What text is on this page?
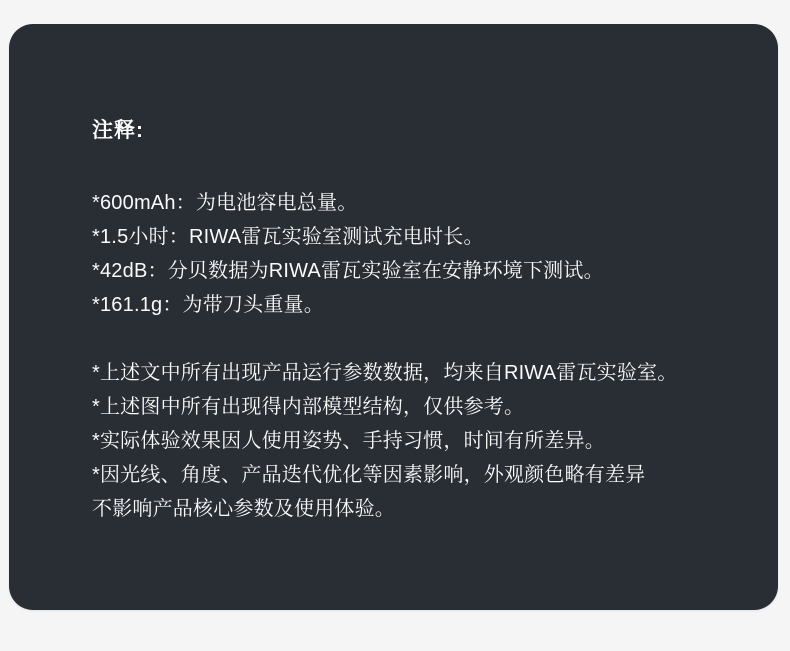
注释:

*600mAh：为电池容电总量。

*1.5小时：RIWA雷瓦实验室测试充电时长。

*42dB：分贝数据为RIWA雷瓦实验室在安静环境下测试。

*161.1g：为带刀头重量。

*上述文中所有出现产品运行参数数据，均来自RIWA雷瓦实验室。

*上述图中所有出现得内部模型结构，仅供参考。

*实际体验效果因人使用姿势、手持习惯，时间有所差异。

*因光线、角度、产品迭代优化等因素影响，外观颜色略有差异

不影响产品核心参数及使用体验。
